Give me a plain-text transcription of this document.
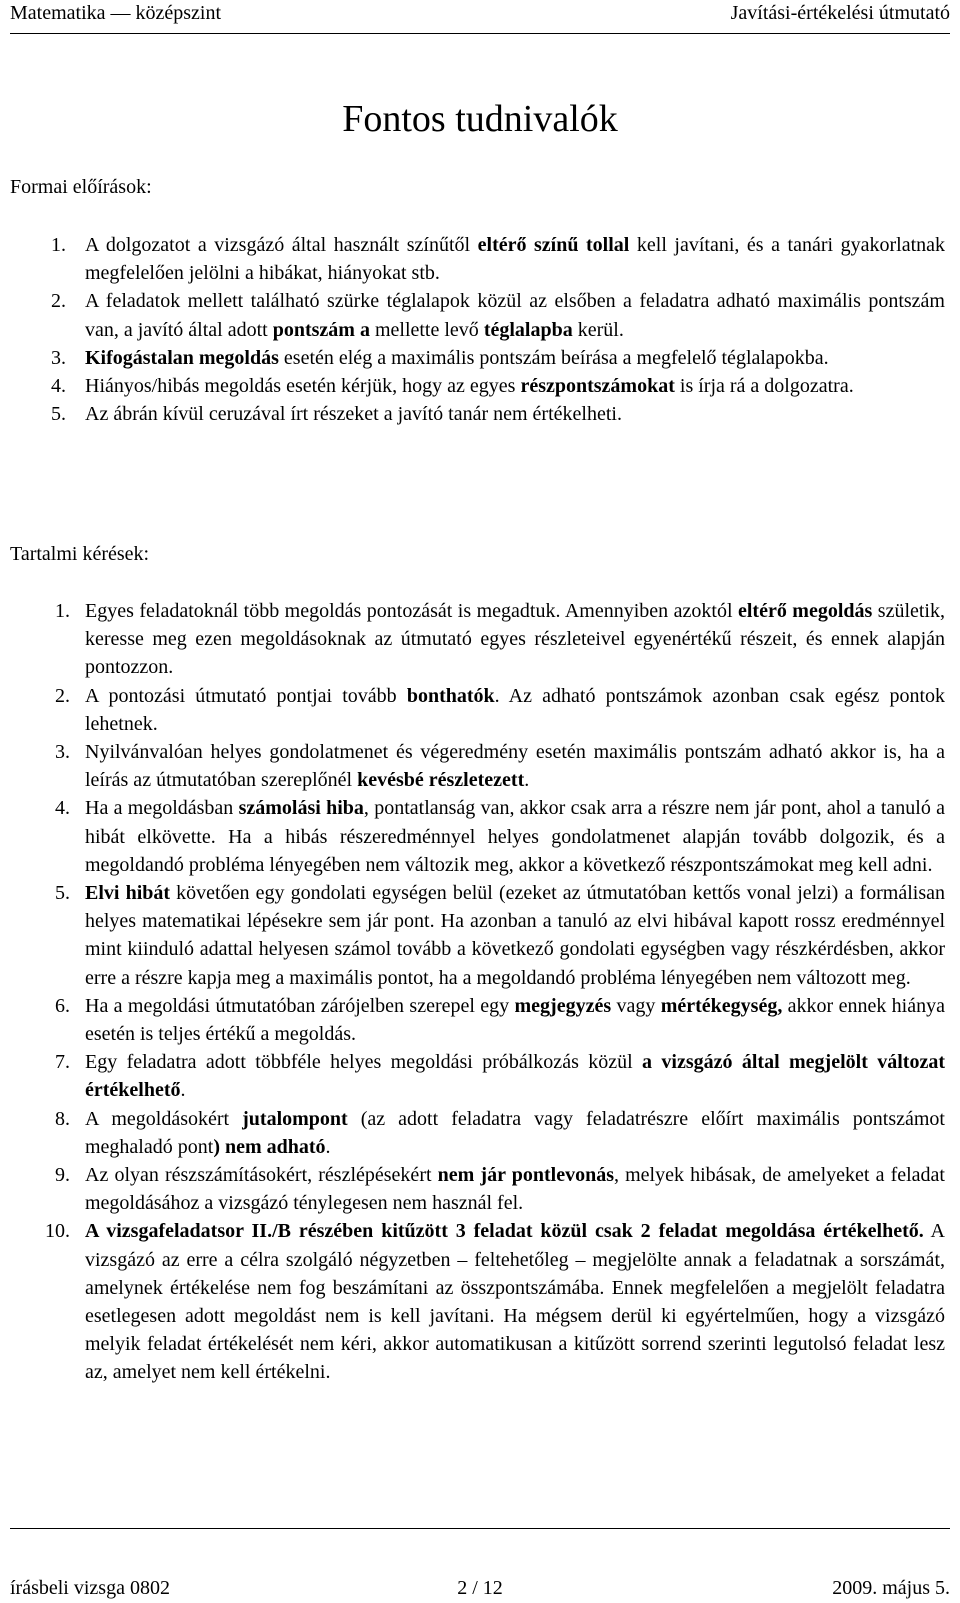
Matematika — középszint	Javítási-értékelési útmutató
Fontos tudnivalók
Formai előírások:
1. A dolgozatot a vizsgázó által használt színűtől eltérő színű tollal kell javítani, és a tanári gyakorlatnak megfelelően jelölni a hibákat, hiányokat stb.
2. A feladatok mellett található szürke téglalapok közül az elsőben a feladatra adható maximális pontszám van, a javító által adott pontszám a mellette levő téglalapba kerül.
3. Kifogástalan megoldás esetén elég a maximális pontszám beírása a megfelelő téglalapokba.
4. Hiányos/hibás megoldás esetén kérjük, hogy az egyes részpontszámokat is írja rá a dolgozatra.
5. Az ábrán kívül ceruzával írt részeket a javító tanár nem értékelheti.
Tartalmi kérések:
1. Egyes feladatoknál több megoldás pontozását is megadtuk. Amennyiben azoktól eltérő megoldás születik, keresse meg ezen megoldásoknak az útmutató egyes részleteivel egyenértékű részeit, és ennek alapján pontozzon.
2. A pontozási útmutató pontjai tovább bonthatók. Az adható pontszámok azonban csak egész pontok lehetnek.
3. Nyilvánvalóan helyes gondolatmenet és végeredmény esetén maximális pontszám adható akkor is, ha a leírás az útmutatóban szereplőnél kevésbé részletezett.
4. Ha a megoldásban számolási hiba, pontatlanság van, akkor csak arra a részre nem jár pont, ahol a tanuló a hibát elkövette. Ha a hibás részeredménnyel helyes gondolatmenet alapján tovább dolgozik, és a megoldandó probléma lényegében nem változik meg, akkor a következő részpontszámokat meg kell adni.
5. Elvi hibát követően egy gondolati egységen belül (ezeket az útmutatóban kettős vonal jelzi) a formálisan helyes matematikai lépésekre sem jár pont. Ha azonban a tanuló az elvi hibával kapott rossz eredménnyel mint kiinduló adattal helyesen számol tovább a következő gondolati egységben vagy részkérdésben, akkor erre a részre kapja meg a maximális pontot, ha a megoldandó probléma lényegében nem változott meg.
6. Ha a megoldási útmutatóban zárójelben szerepel egy megjegyzés vagy mértékegység, akkor ennek hiánya esetén is teljes értékű a megoldás.
7. Egy feladatra adott többféle helyes megoldási próbálkozás közül a vizsgázó által megjelölt változat értékelhető.
8. A megoldásokért jutalompont (az adott feladatra vagy feladatrészre előírt maximális pontszámot meghaladó pont) nem adható.
9. Az olyan részszámításokért, részlépésekért nem jár pontlevonás, melyek hibásak, de amelyeket a feladat megoldásához a vizsgázó ténylegesen nem használ fel.
10. A vizsgafeladatsor II./B részében kitűzött 3 feladat közül csak 2 feladat megoldása értékelhető. A vizsgázó az erre a célra szolgáló négyzetben – feltehetőleg – megjelölte annak a feladatnak a sorszámát, amelynek értékelése nem fog beszámítani az összpontszámába. Ennek megfelelően a megjelölt feladatra esetlegesen adott megoldást nem is kell javítani. Ha mégsem derül ki egyértelműen, hogy a vizsgázó melyik feladat értékelését nem kéri, akkor automatikusan a kitűzött sorrend szerinti legutolsó feladat lesz az, amelyet nem kell értékelni.
írásbeli vizsga 0802	2 / 12	2009. május 5.
